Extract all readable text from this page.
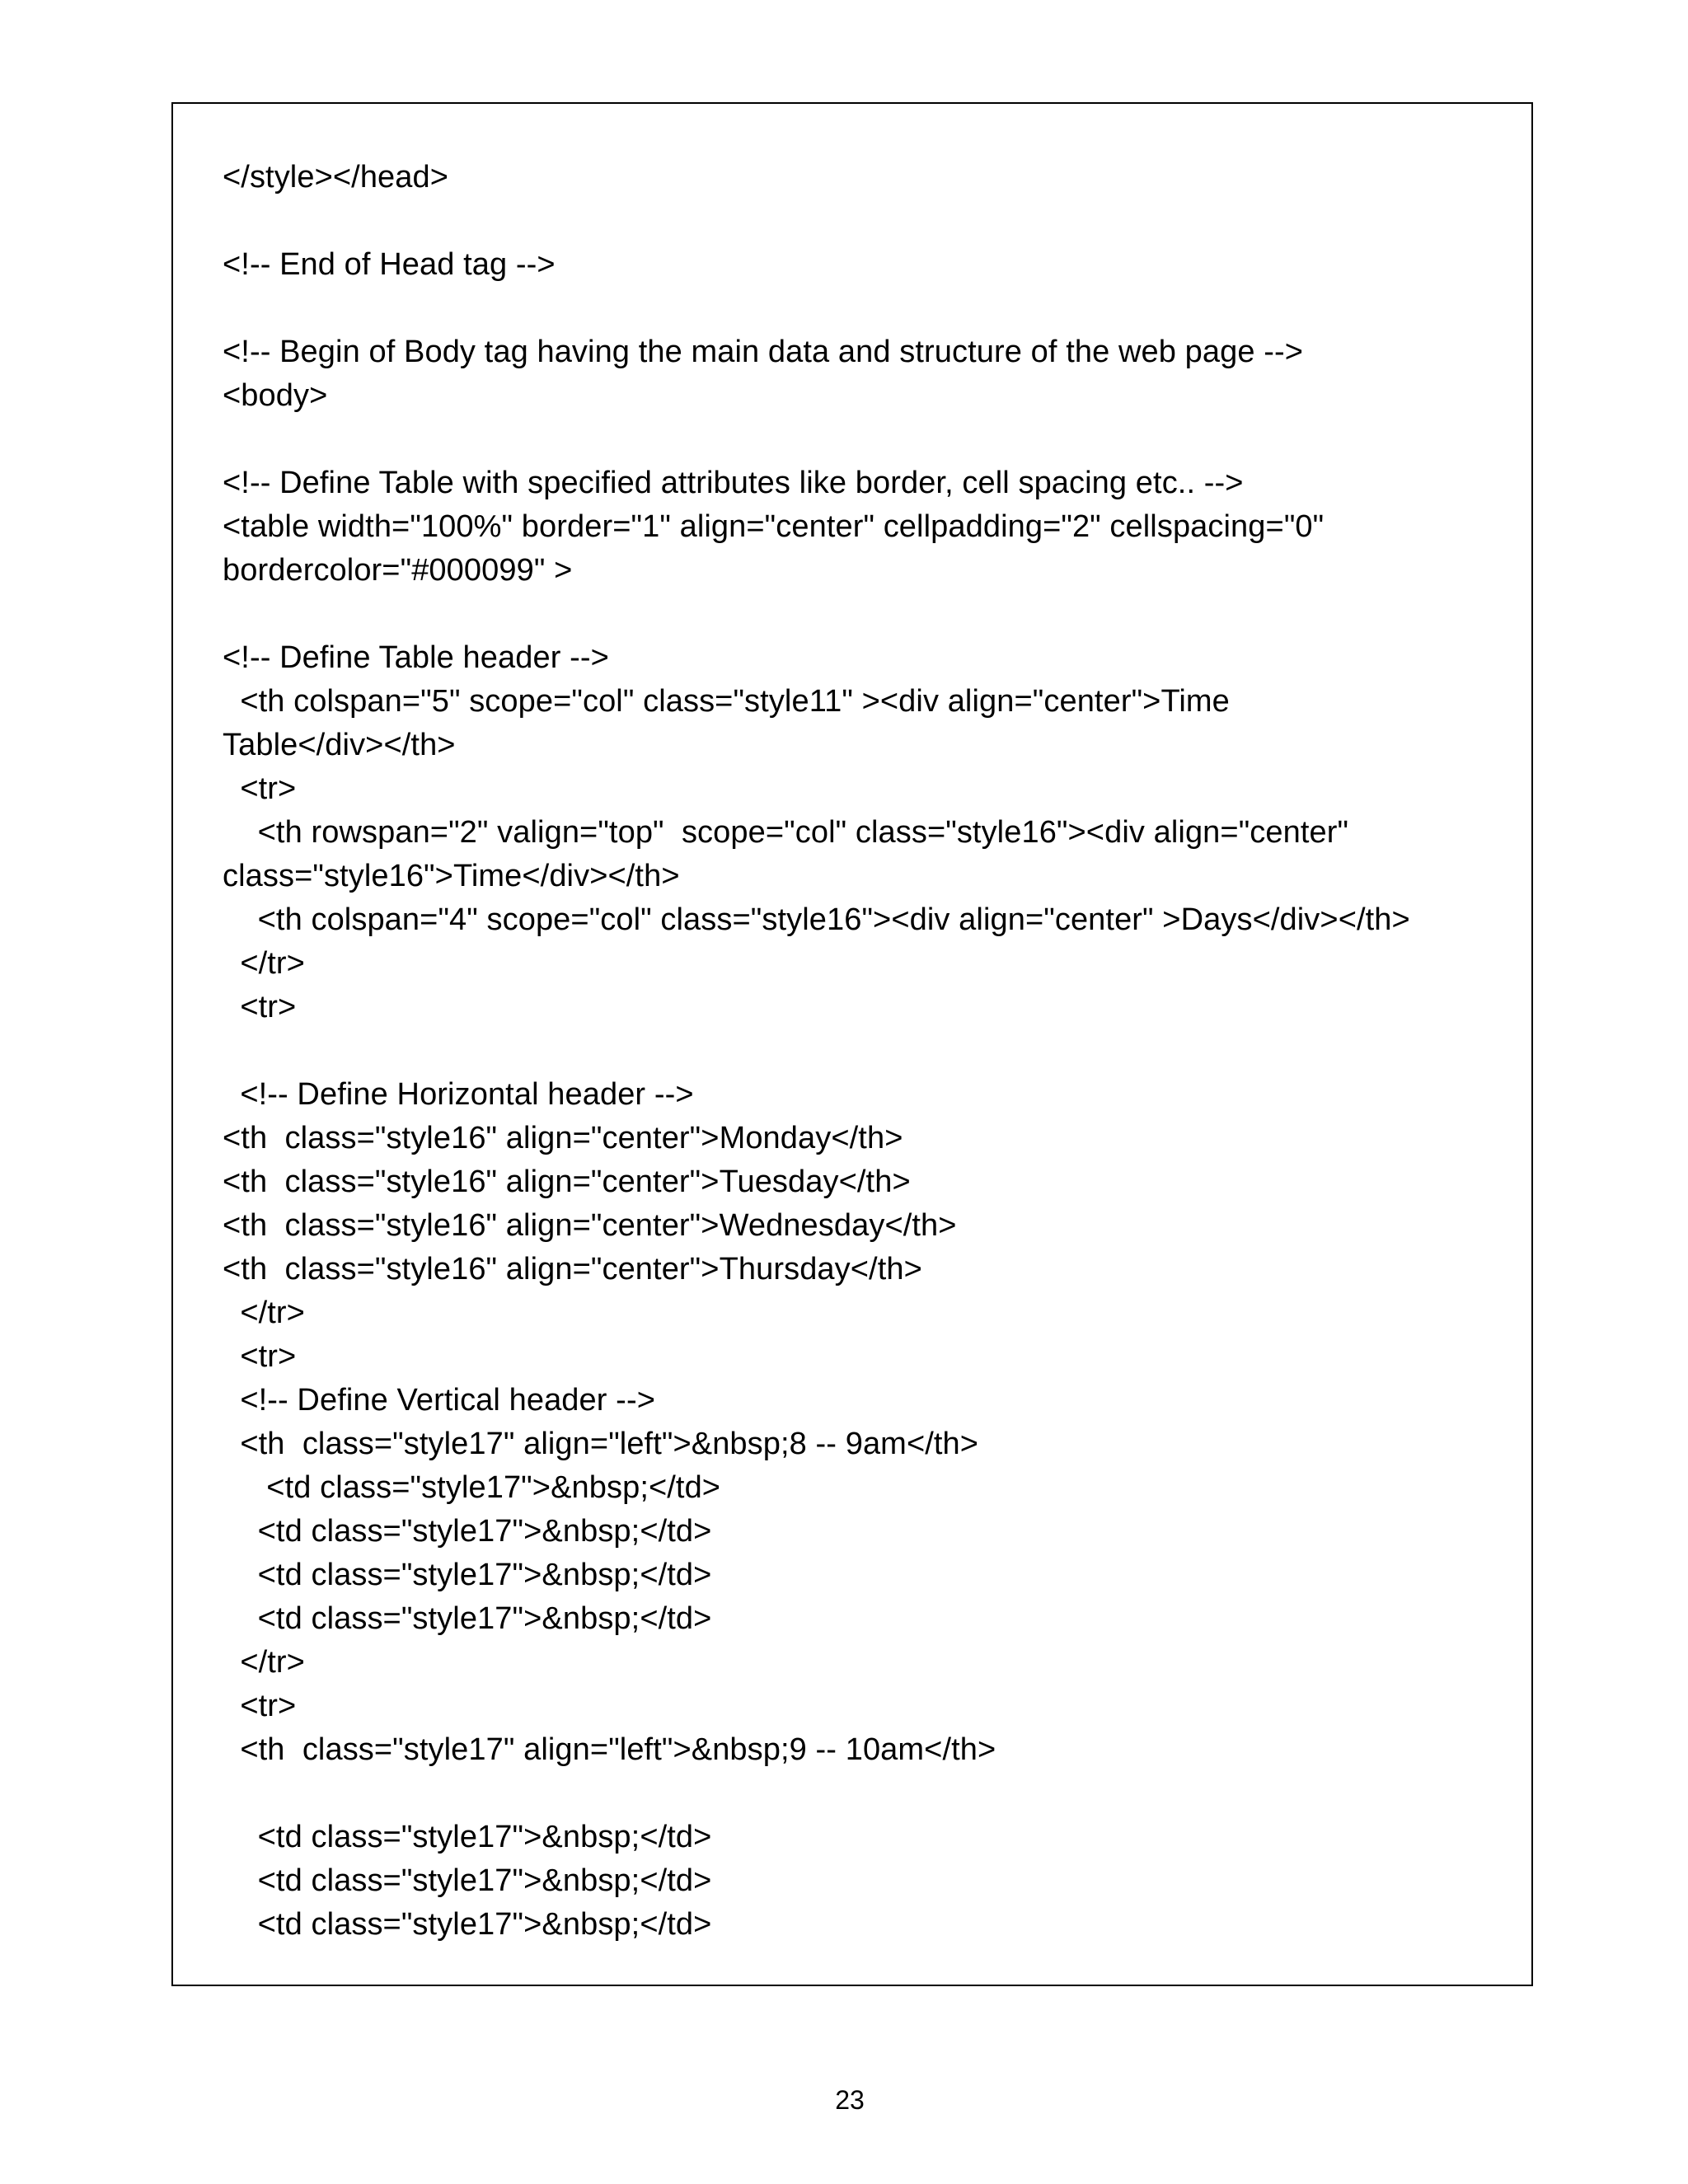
</style></head>
<!-- End of Head tag -->
<!-- Begin of Body tag having the main data and structure of the web page -->
<body>
<!-- Define Table with specified attributes like border, cell spacing etc.. -->
<table width="100%" border="1" align="center" cellpadding="2" cellspacing="0"
bordercolor="#000099" >
<!-- Define Table header -->
<th colspan="5" scope="col" class="style11" ><div align="center">Time
Table</div></th>
<tr>
<th rowspan="2" valign="top"  scope="col" class="style16"><div align="center"
class="style16">Time</div></th>
<th colspan="4" scope="col" class="style16"><div align="center" >Days</div></th>
</tr>
<tr>
<!-- Define Horizontal header -->
<th  class="style16" align="center">Monday</th>
<th  class="style16" align="center">Tuesday</th>
<th  class="style16" align="center">Wednesday</th>
<th  class="style16" align="center">Thursday</th>
</tr>
<tr>
<!-- Define Vertical header -->
<th  class="style17" align="left">&nbsp;8 -- 9am</th>
<td class="style17">&nbsp;</td>
<td class="style17">&nbsp;</td>
<td class="style17">&nbsp;</td>
<td class="style17">&nbsp;</td>
</tr>
<tr>
<th  class="style17" align="left">&nbsp;9 -- 10am</th>
<td class="style17">&nbsp;</td>
<td class="style17">&nbsp;</td>
<td class="style17">&nbsp;</td>
23
